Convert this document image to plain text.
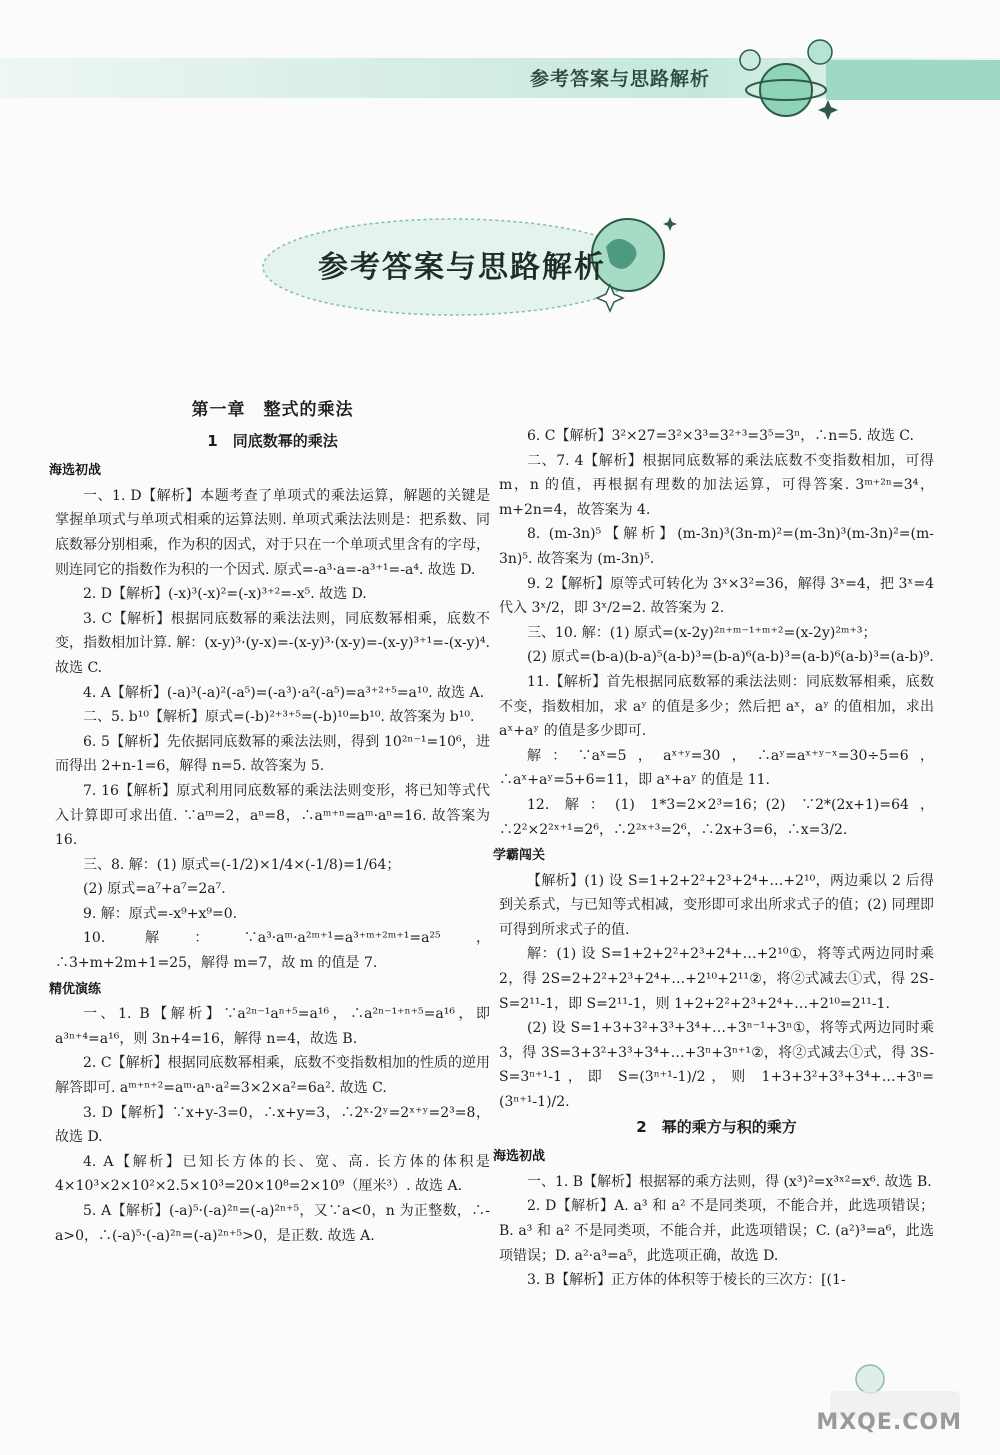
参考答案与思路解析
参考答案与思路解析
第一章　整式的乘法
1　同底数幂的乘法
海选初战

一、1. D【解析】本题考查了单项式的乘法运算，解题的关键是掌握单项式与单项式相乘的运算法则. 单项式乘法法则是：把系数、同底数幂分别相乘，作为积的因式，对于只在一个单项式里含有的字母，则连同它的指数作为积的一个因式. 原式=-a³·a=-a³⁺¹=-a⁴. 故选 D.

2. D【解析】(-x)³(-x)²=(-x)³⁺²=-x⁵. 故选 D.

3. C【解析】根据同底数幂的乘法法则，同底数幂相乘，底数不变，指数相加计算. 解：(x-y)³·(y-x)=-(x-y)³·(x-y)=-(x-y)³⁺¹=-(x-y)⁴. 故选 C.

4. A【解析】(-a)³(-a)²(-a⁵)=(-a³)·a²(-a⁵)=a³⁺²⁺⁵=a¹⁰. 故选 A.

二、5. b¹⁰【解析】原式=(-b)²⁺³⁺⁵=(-b)¹⁰=b¹⁰. 故答案为 b¹⁰.

6. 5【解析】先依据同底数幂的乘法法则，得到 10²ⁿ⁻¹=10⁶，进而得出 2+n-1=6，解得 n=5. 故答案为 5.

7. 16【解析】原式利用同底数幂的乘法法则变形，将已知等式代入计算即可求出值. ∵aᵐ=2，aⁿ=8，∴aᵐ⁺ⁿ=aᵐ·aⁿ=16. 故答案为 16.

三、8. 解：(1) 原式=(-1/2)×1/4×(-1/8)=1/64；

(2) 原式=a⁷+a⁷=2a⁷.

9. 解：原式=-x⁹+x⁹=0.

10. 解：∵a³·aᵐ·a²ᵐ⁺¹=a³⁺ᵐ⁺²ᵐ⁺¹=a²⁵，∴3+m+2m+1=25，解得 m=7，故 m 的值是 7.

精优演练

一、1. B【解析】∵a²ⁿ⁻¹aⁿ⁺⁵=a¹⁶，∴a²ⁿ⁻¹⁺ⁿ⁺⁵=a¹⁶，即 a³ⁿ⁺⁴=a¹⁶，则 3n+4=16，解得 n=4，故选 B.

2. C【解析】根据同底数幂相乘，底数不变指数相加的性质的逆用解答即可. aᵐ⁺ⁿ⁺²=aᵐ·aⁿ·a²=3×2×a²=6a². 故选 C.

3. D【解析】∵x+y-3=0，∴x+y=3，∴2ˣ·2ʸ=2ˣ⁺ʸ=2³=8，故选 D.

4. A【解析】已知长方体的长、宽、高. 长方体的体积是 4×10³×2×10²×2.5×10³=20×10⁸=2×10⁹（厘米³）. 故选 A.

5. A【解析】(-a)⁵·(-a)²ⁿ=(-a)²ⁿ⁺⁵，又∵a<0，n 为正整数，∴-a>0，∴(-a)⁵·(-a)²ⁿ=(-a)²ⁿ⁺⁵>0，是正数. 故选 A.

6. C【解析】3²×27=3²×3³=3²⁺³=3⁵=3ⁿ，∴n=5. 故选 C.

二、7. 4【解析】根据同底数幂的乘法底数不变指数相加，可得 m，n 的值，再根据有理数的加法运算，可得答案. 3ᵐ⁺²ⁿ=3⁴，m+2n=4，故答案为 4.

8. (m-3n)⁵【解析】(m-3n)³(3n-m)²=(m-3n)³(m-3n)²=(m-3n)⁵. 故答案为 (m-3n)⁵.

9. 2【解析】原等式可转化为 3ˣ×3²=36，解得 3ˣ=4，把 3ˣ=4 代入 3ˣ/2，即 3ˣ/2=2. 故答案为 2.

三、10. 解：(1) 原式=(x-2y)²ⁿ⁺ᵐ⁻¹⁺ᵐ⁺²=(x-2y)²ᵐ⁺³；

(2) 原式=(b-a)(b-a)⁵(a-b)³=(b-a)⁶(a-b)³=(a-b)⁶(a-b)³=(a-b)⁹.

11.【解析】首先根据同底数幂的乘法法则：同底数幂相乘，底数不变，指数相加，求 aʸ 的值是多少；然后把 aˣ，aʸ 的值相加，求出 aˣ+aʸ 的值是多少即可.

解：∵aˣ=5，aˣ⁺ʸ=30，∴aʸ=aˣ⁺ʸ⁻ˣ=30÷5=6，∴aˣ+aʸ=5+6=11，即 aˣ+aʸ 的值是 11.

12. 解：(1) 1*3=2×2³=16；(2) ∵2*(2x+1)=64，∴2²×2²ˣ⁺¹=2⁶，∴2²ˣ⁺³=2⁶，∴2x+3=6，∴x=3/2.

学霸闯关

【解析】(1) 设 S=1+2+2²+2³+2⁴+…+2¹⁰，两边乘以 2 后得到关系式，与已知等式相减，变形即可求出所求式子的值；(2) 同理即可得到所求式子的值.

解：(1) 设 S=1+2+2²+2³+2⁴+…+2¹⁰①，将等式两边同时乘 2，得 2S=2+2²+2³+2⁴+…+2¹⁰+2¹¹②，将②式减去①式，得 2S-S=2¹¹-1，即 S=2¹¹-1，则 1+2+2²+2³+2⁴+…+2¹⁰=2¹¹-1.

(2) 设 S=1+3+3²+3³+3⁴+…+3ⁿ⁻¹+3ⁿ①，将等式两边同时乘 3，得 3S=3+3²+3³+3⁴+…+3ⁿ+3ⁿ⁺¹②，将②式减去①式，得 3S-S=3ⁿ⁺¹-1，即 S=(3ⁿ⁺¹-1)/2，则 1+3+3²+3³+3⁴+…+3ⁿ=(3ⁿ⁺¹-1)/2.

2　幂的乘方与积的乘方
海选初战

一、1. B【解析】根据幂的乘方法则，得 (x³)²=x³ˣ²=x⁶. 故选 B.

2. D【解析】A. a³ 和 a² 不是同类项，不能合并，此选项错误；B. a³ 和 a² 不是同类项，不能合并，此选项错误；C. (a²)³=a⁶，此选项错误；D. a²·a³=a⁵，此选项正确，故选 D.

3. B【解析】正方体的体积等于棱长的三次方：[(1-

MXQE.COM
